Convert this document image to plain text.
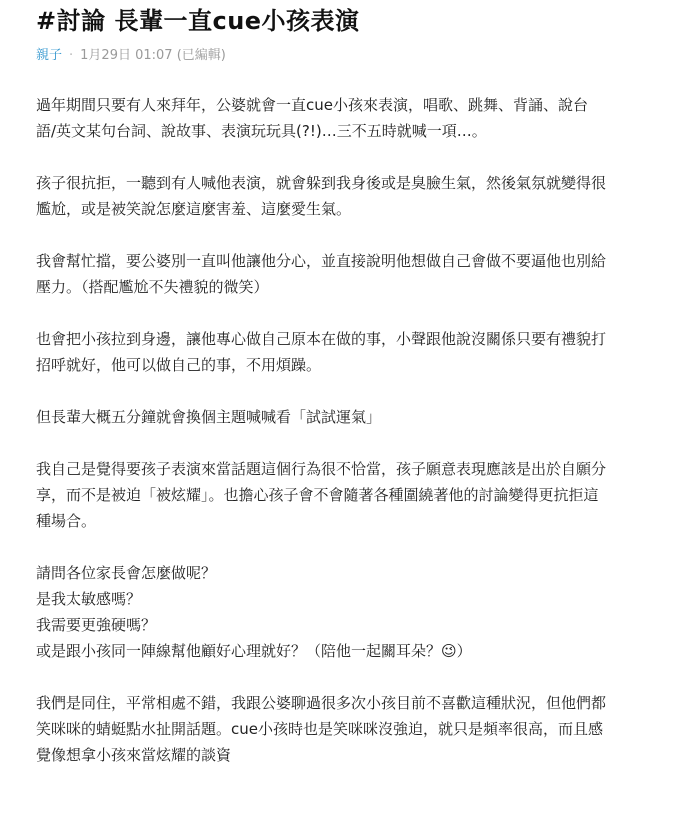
#討論 長輩一直cue小孩表演
親子 · 1月29日 01:07 (已編輯)

過年期間只要有人來拜年，公婆就會一直cue小孩來表演，唱歌、跳舞、背誦、說台
語/英文某句台詞、說故事、表演玩玩具(?!)…三不五時就喊一項…。

孩子很抗拒，一聽到有人喊他表演，就會躲到我身後或是臭臉生氣，然後氣氛就變得很
尷尬，或是被笑說怎麼這麼害羞、這麼愛生氣。

我會幫忙擋，要公婆別一直叫他讓他分心，並直接說明他想做自己會做不要逼他也別給
壓力。（搭配尷尬不失禮貌的微笑）

也會把小孩拉到身邊，讓他專心做自己原本在做的事，小聲跟他說沒關係只要有禮貌打
招呼就好，他可以做自己的事，不用煩躁。

但長輩大概五分鐘就會換個主題喊喊看「試試運氣」

我自己是覺得要孩子表演來當話題這個行為很不恰當，孩子願意表現應該是出於自願分
享，而不是被迫「被炫耀」。也擔心孩子會不會隨著各種圍繞著他的討論變得更抗拒這
種場合。

請問各位家長會怎麼做呢？
是我太敏感嗎？
我需要更強硬嗎？
或是跟小孩同一陣線幫他顧好心理就好？（陪他一起關耳朵？😉）

我們是同住，平常相處不錯，我跟公婆聊過很多次小孩目前不喜歡這種狀況，但他們都
笑咪咪的蜻蜓點水扯開話題。cue小孩時也是笑咪咪沒強迫，就只是頻率很高，而且感
覺像想拿小孩來當炫耀的談資
